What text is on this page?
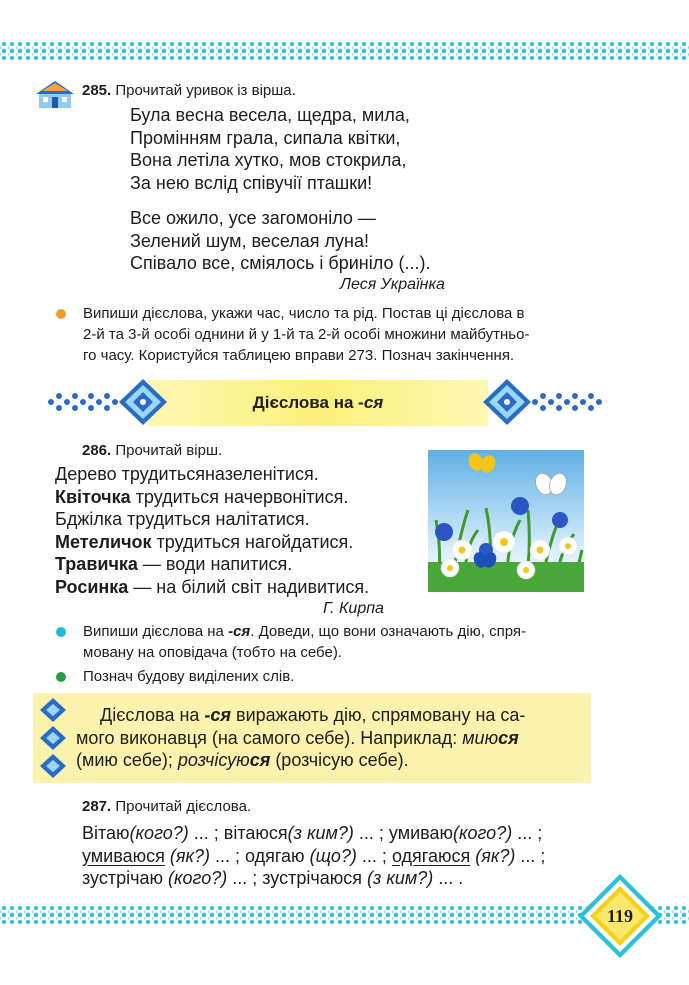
285. Прочитай уривок із вірша.
Була весна весела, щедра, мила,
Промінням грала, сипала квітки,
Вона летіла хутко, мов стокрила,
За нею вслід співучії пташки!
Все ожило, усе загомоніло —
Зелений шум, веселая луна!
Співало все, сміялось і бриніло (...).
Леся Українка
Випиши дієслова, укажи час, число та рід. Постав ці дієслова в
2-й та 3-й особі однини й у 1-й та 2-й особі множини майбутньо-
го часу. Користуйся таблицею вправи 273. Познач закінчення.
Дієслова на -ся
286. Прочитай вірш.
Дерево трудитьсяназеленітися.
Квіточка трудиться начервонітися.
Бджілка трудиться налітатися.
Метеличок трудиться нагойдатися.
Травичка — води напитися.
Росинка — на білий світ надивитися.
Г. Кирпа
Випиши дієслова на -ся. Доведи, що вони означають дію, спря-
мовану на оповідача (тобто на себе).
Познач будову виділених слів.
Дієслова на -ся виражають дію, спрямовану на са-
мого виконавця (на самого себе). Наприклад: миюся
(мию себе); розчісуюся (розчісую себе).
287. Прочитай дієслова.
Вітаю(кого?) ... ; вітаюся(з ким?) ... ; умиваю(кого?) ... ;
умиваюся (як?) ... ; одягаю (що?) ... ; одягаюся (як?) ... ;
зустрічаю (кого?) ... ; зустрічаюся (з ким?) ... .
119
